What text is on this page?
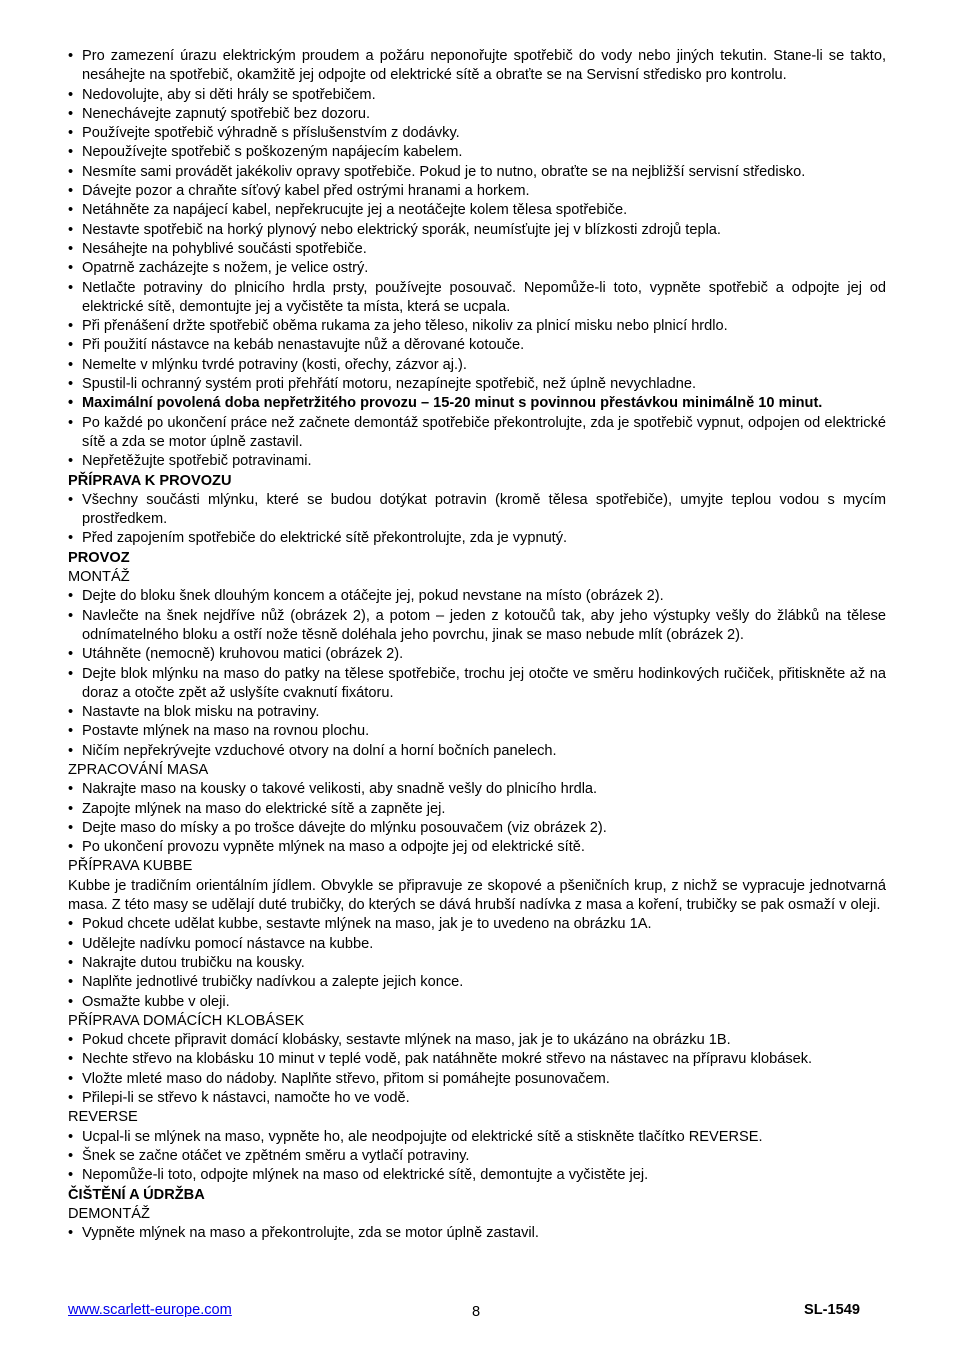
• Pro zamezení úrazu elektrickým proudem a požáru neponořujte spotřebič do vody nebo jiných tekutin. Stane-li se takto, nesáhejte na spotřebič, okamžitě jej odpojte od elektrické sítě a obraťte se na Servisní středisko pro kontrolu.
• Nedovolujte, aby si děti hrály se spotřebičem.
• Nenechávejte zapnutý spotřebič bez dozoru.
• Používejte spotřebič výhradně s příslušenstvím z dodávky.
• Nepoužívejte spotřebič s poškozeným napájecím kabelem.
• Nesmíte sami provádět jakékoliv opravy spotřebiče. Pokud je to nutno, obraťte se na nejbližší servisní středisko.
• Dávejte pozor a chraňte síťový kabel před ostrými hranami a horkem.
• Netáhněte za napájecí kabel, nepřekrucujte jej a neotáčejte kolem tělesa spotřebiče.
• Nestavte spotřebič na horký plynový nebo elektrický sporák, neumísťujte jej v blízkosti zdrojů tepla.
• Nesáhejte na pohyblivé součásti spotřebiče.
• Opatrně zacházejte s nožem, je velice ostrý.
• Netlačte potraviny do plnicího hrdla prsty, používejte posouvač. Nepomůže-li toto, vypněte spotřebič a odpojte jej od elektrické sítě, demontujte jej a vyčistěte ta místa, která se ucpala.
• Při přenášení držte spotřebič oběma rukama za jeho těleso, nikoliv za plnicí misku nebo plnicí hrdlo.
• Při použití nástavce na kebáb nenastavujte nůž a děrované kotouče.
• Nemelte v mlýnku tvrdé potraviny (kosti, ořechy, zázvor aj.).
• Spustil-li ochranný systém proti přehřátí motoru, nezapínejte spotřebič, než úplně nevychladne.
• Maximální povolená doba nepřetržitého provozu – 15-20 minut s povinnou přestávkou minimálně 10 minut.
• Po každé po ukončení práce než začnete demontáž spotřebiče překontrolujte, zda je spotřebič vypnut, odpojen od elektrické sítě a zda se motor úplně zastavil.
• Nepřetěžujte spotřebič potravinami.
PŘÍPRAVA K PROVOZU
• Všechny součásti mlýnku, které se budou dotýkat potravin (kromě tělesa spotřebiče), umyjte teplou vodou s mycím prostředkem.
• Před zapojením spotřebiče do elektrické sítě překontrolujte, zda je vypnutý.
PROVOZ
MONTÁŽ
• Dejte do bloku šnek dlouhým koncem a otáčejte jej, pokud nevstane na místo (obrázek 2).
• Navlečte na šnek nejdříve nůž (obrázek 2), a potom – jeden z kotoučů tak, aby jeho výstupky vešly do žlábků na tělese odnímatelného bloku a ostří nože těsně doléhala jeho povrchu, jinak se maso nebude mlít (obrázek 2).
• Utáhněte (nemocně) kruhovou matici (obrázek 2).
• Dejte blok mlýnku na maso do patky na tělese spotřebiče, trochu jej otočte ve směru hodinkových ručiček, přitiskněte až na doraz a otočte zpět až uslyšíte cvaknutí fixátoru.
• Nastavte na blok misku na potraviny.
• Postavte mlýnek na maso na rovnou plochu.
• Ničím nepřekrývejte vzduchové otvory na dolní a horní bočních panelech.
ZPRACOVÁNÍ MASA
• Nakrajte maso na kousky o takové velikosti, aby snadně vešly do plnicího hrdla.
• Zapojte mlýnek na maso do elektrické sítě a zapněte jej.
• Dejte maso do mísky a po trošce dávejte do mlýnku posouvačem (viz obrázek 2).
• Po ukončení provozu vypněte mlýnek na maso a odpojte jej od elektrické sítě.
PŘÍPRAVA KUBBE
Kubbe je tradičním orientálním jídlem. Obvykle se připravuje ze skopové a pšeničních krup, z nichž se vypracuje jednotvarná masa. Z této masy se udělají duté trubičky, do kterých se dává hrubší nadívka z masa a koření, trubičky se pak osmaží v oleji.
• Pokud chcete udělat kubbe, sestavte mlýnek na maso, jak je to uvedeno na obrázku 1A.
• Udělejte nadívku pomocí nástavce na kubbe.
• Nakrajte dutou trubičku na kousky.
• Naplňte jednotlivé trubičky nadívkou a zalepte jejich konce.
• Osmažte kubbe v oleji.
PŘÍPRAVA DOMÁCÍCH KLOBÁSEK
• Pokud chcete připravit domácí klobásky, sestavte mlýnek na maso, jak je to ukázáno na obrázku 1B.
• Nechte střevo na klobásku 10 minut v teplé vodě, pak natáhněte mokré střevo na nástavec na přípravu klobásek.
• Vložte mleté maso do nádoby. Naplňte střevo, přitom si pomáhejte posunovačem.
• Přilepi-li se střevo k nástavci, namočte ho ve vodě.
REVERSE
• Ucpal-li se mlýnek na maso, vypněte ho, ale neodpojujte od elektrické sítě a stiskněte tlačítko REVERSE.
• Šnek se začne otáčet ve zpětném směru a vytlačí potraviny.
• Nepomůže-li toto, odpojte mlýnek na maso od elektrické sítě, demontujte a vyčistěte jej.
ČIŠTĚNÍ A ÚDRŽBA
DEMONTÁŽ
• Vypněte mlýnek na maso a překontrolujte, zda se motor úplně zastavil.
www.scarlett-europe.com	8	SL-1549
